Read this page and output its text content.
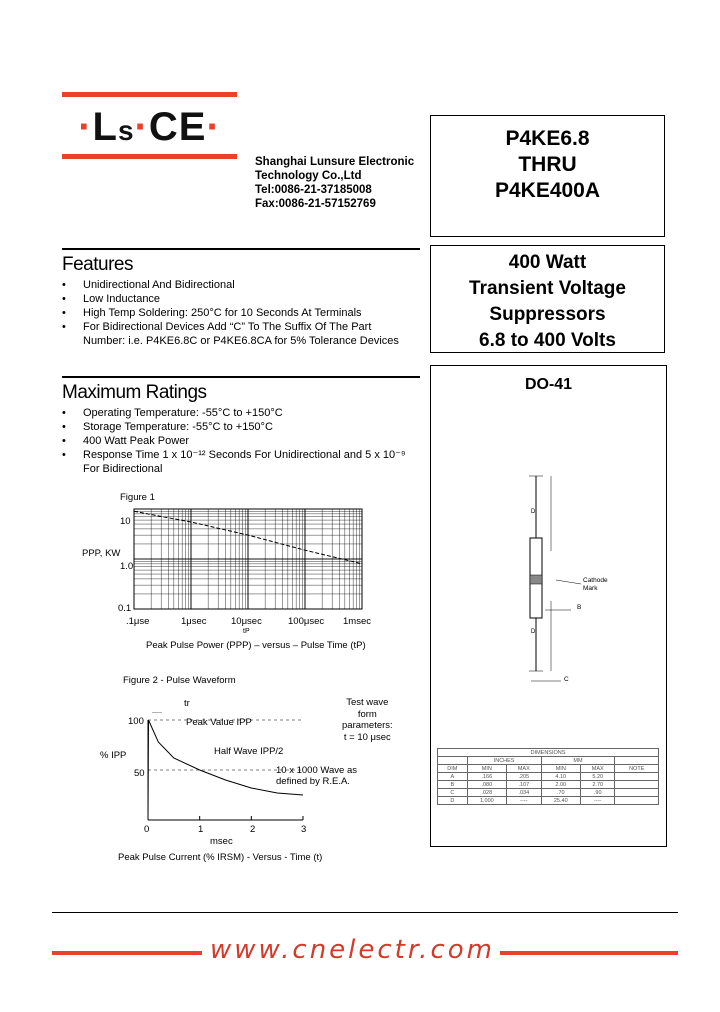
·Ls·CE·
Shanghai Lunsure Electronic
Technology Co.,Ltd
Tel:0086-21-37185008
Fax:0086-21-57152769
P4KE6.8
THRU
P4KE400A
400 Watt
Transient Voltage
Suppressors
6.8 to 400 Volts
DO-41
D
D
Cathode
Mark
B
C
DIMENSIONS					
	INCHES		MM		
DIM	MIN	MAX	MIN	MAX	NOTE
A	.166	.205	4.10	5.20	
B	.080	.107	2.00	2.70	
C	.028	.034	.70	.90	
D	1.000	----	25.40	----	
Features
• Unidirectional And Bidirectional
• Low Inductance
• High Temp Soldering: 250°C for 10 Seconds At Terminals
• For Bidirectional Devices Add “C” To The Suffix Of The Part
Number: i.e. P4KE6.8C or P4KE6.8CA for 5% Tolerance Devices
Maximum Ratings
• Operating Temperature: -55°C to +150°C
• Storage Temperature: -55°C to +150°C
• 400 Watt Peak Power
• Response Time 1 x 10⁻¹² Seconds For Unidirectional and 5 x 10⁻⁹
For Bidirectional
Figure 1
10
1.0
0.1
PPP, KW
.1μse	1μsec	10μsec	100μsec 1msec
tP
Peak Pulse Power (PPP) – versus – Pulse Time (tP)
Figure 2 - Pulse Waveform
tr
100
50
% IPP
Peak Value IPP
Half Wave IPP/2
10 x 1000 Wave as
defined by R.E.A.
Test wave
form
parameters:
t = 10 μsec
0	1	2	3
msec
Peak Pulse Current (% IRSM) - Versus - Time (t)
www.cnelectr.com
